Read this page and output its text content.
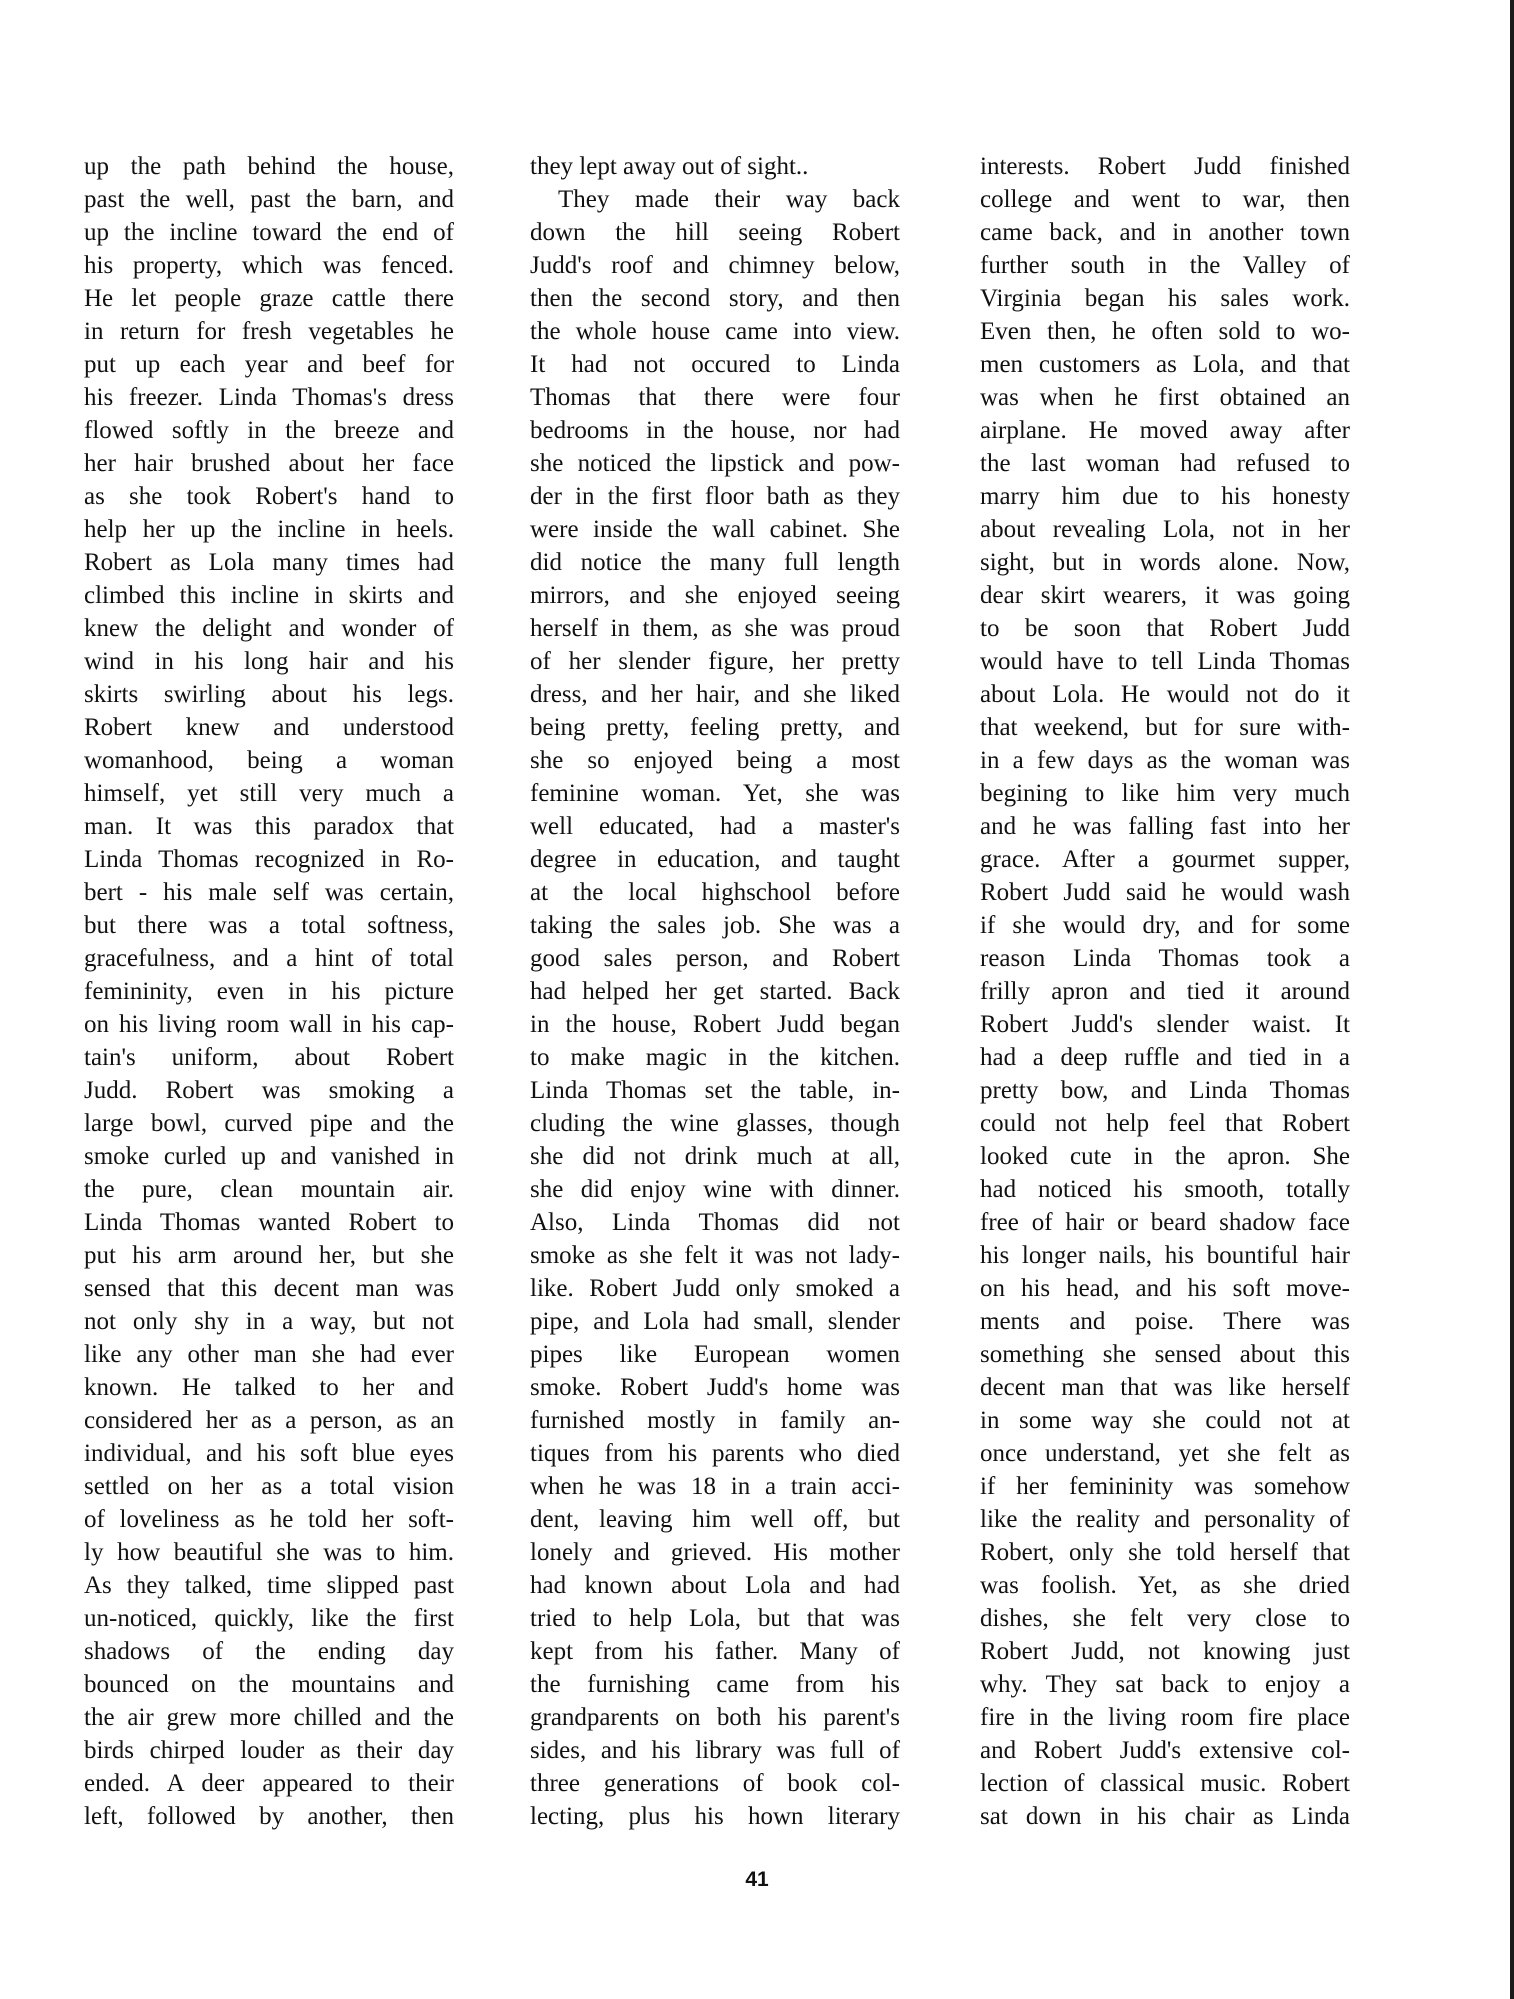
up the path behind the house,
past the well, past the barn, and
up the incline toward the end of
his property, which was fenced.
He let people graze cattle there
in return for fresh vegetables he
put up each year and beef for
his freezer. Linda Thomas's dress
flowed softly in the breeze and
her hair brushed about her face
as she took Robert's hand to
help her up the incline in heels.
Robert as Lola many times had
climbed this incline in skirts and
knew the delight and wonder of
wind in his long hair and his
skirts swirling about his legs.
Robert knew and understood
womanhood, being a woman
himself, yet still very much a
man. It was this paradox that
Linda Thomas recognized in Ro-
bert - his male self was certain,
but there was a total softness,
gracefulness, and a hint of total
femininity, even in his picture
on his living room wall in his cap-
tain's uniform, about Robert
Judd. Robert was smoking a
large bowl, curved pipe and the
smoke curled up and vanished in
the pure, clean mountain air.
Linda Thomas wanted Robert to
put his arm around her, but she
sensed that this decent man was
not only shy in a way, but not
like any other man she had ever
known. He talked to her and
considered her as a person, as an
individual, and his soft blue eyes
settled on her as a total vision
of loveliness as he told her soft-
ly how beautiful she was to him.
As they talked, time slipped past
un-noticed, quickly, like the first
shadows of the ending day
bounced on the mountains and
the air grew more chilled and the
birds chirped louder as their day
ended. A deer appeared to their
left, followed by another, then
they lept away out of sight..
They made their way back
down the hill seeing Robert
Judd's roof and chimney below,
then the second story, and then
the whole house came into view.
It had not occured to Linda
Thomas that there were four
bedrooms in the house, nor had
she noticed the lipstick and pow-
der in the first floor bath as they
were inside the wall cabinet. She
did notice the many full length
mirrors, and she enjoyed seeing
herself in them, as she was proud
of her slender figure, her pretty
dress, and her hair, and she liked
being pretty, feeling pretty, and
she so enjoyed being a most
feminine woman. Yet, she was
well educated, had a master's
degree in education, and taught
at the local highschool before
taking the sales job. She was a
good sales person, and Robert
had helped her get started. Back
in the house, Robert Judd began
to make magic in the kitchen.
Linda Thomas set the table, in-
cluding the wine glasses, though
she did not drink much at all,
she did enjoy wine with dinner.
Also, Linda Thomas did not
smoke as she felt it was not lady-
like. Robert Judd only smoked a
pipe, and Lola had small, slender
pipes like European women
smoke. Robert Judd's home was
furnished mostly in family an-
tiques from his parents who died
when he was 18 in a train acci-
dent, leaving him well off, but
lonely and grieved. His mother
had known about Lola and had
tried to help Lola, but that was
kept from his father. Many of
the furnishing came from his
grandparents on both his parent's
sides, and his library was full of
three generations of book col-
lecting, plus his hown literary
interests. Robert Judd finished
college and went to war, then
came back, and in another town
further south in the Valley of
Virginia began his sales work.
Even then, he often sold to wo-
men customers as Lola, and that
was when he first obtained an
airplane. He moved away after
the last woman had refused to
marry him due to his honesty
about revealing Lola, not in her
sight, but in words alone. Now,
dear skirt wearers, it was going
to be soon that Robert Judd
would have to tell Linda Thomas
about Lola. He would not do it
that weekend, but for sure with-
in a few days as the woman was
begining to like him very much
and he was falling fast into her
grace. After a gourmet supper,
Robert Judd said he would wash
if she would dry, and for some
reason Linda Thomas took a
frilly apron and tied it around
Robert Judd's slender waist. It
had a deep ruffle and tied in a
pretty bow, and Linda Thomas
could not help feel that Robert
looked cute in the apron. She
had noticed his smooth, totally
free of hair or beard shadow face
his longer nails, his bountiful hair
on his head, and his soft move-
ments and poise. There was
something she sensed about this
decent man that was like herself
in some way she could not at
once understand, yet she felt as
if her femininity was somehow
like the reality and personality of
Robert, only she told herself that
was foolish. Yet, as she dried
dishes, she felt very close to
Robert Judd, not knowing just
why. They sat back to enjoy a
fire in the living room fire place
and Robert Judd's extensive col-
lection of classical music. Robert
sat down in his chair as Linda
41
